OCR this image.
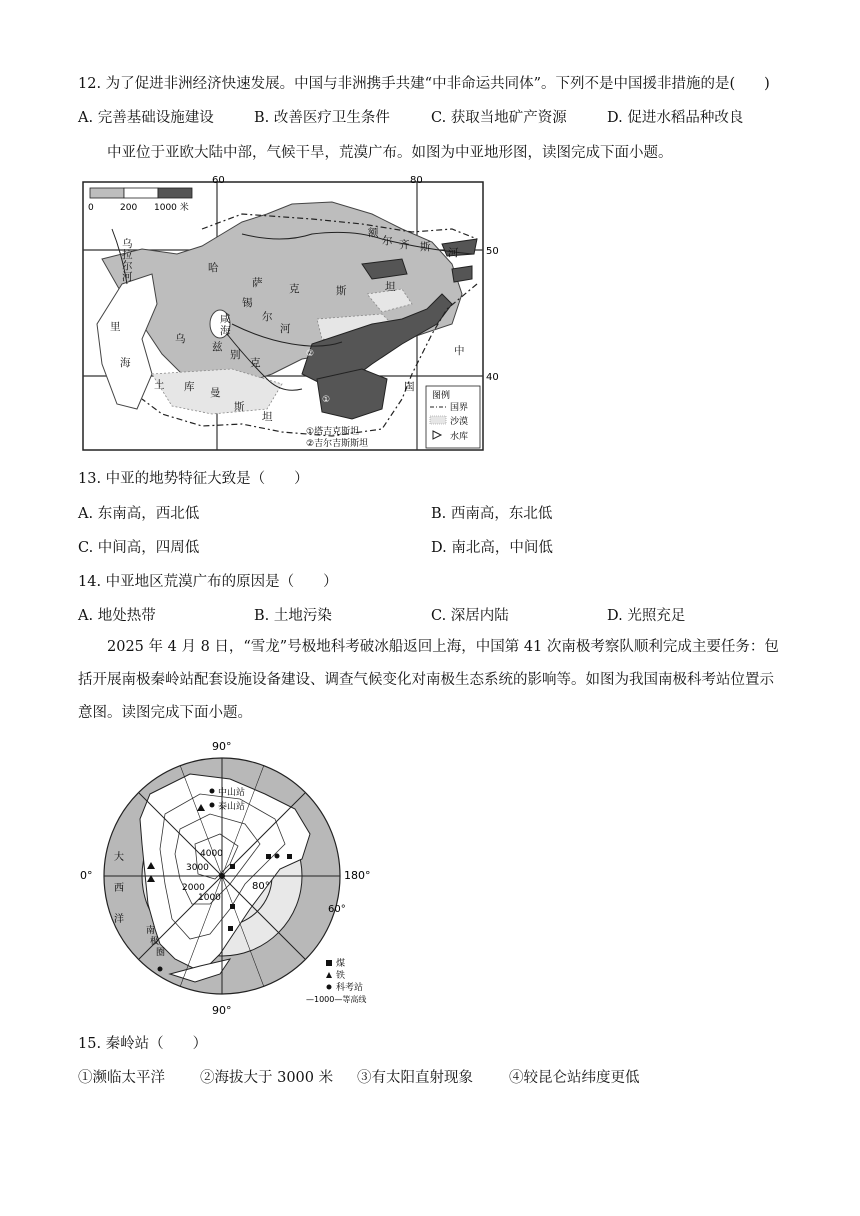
12. 为了促进非洲经济快速发展。中国与非洲携手共建“中非命运共同体”。下列不是中国援非措施的是(　　)
A. 完善基础设施建设	B. 改善医疗卫生条件	C. 获取当地矿产资源	D. 促进水稻品种改良
中亚位于亚欧大陆中部，气候干旱，荒漠广布。如图为中亚地形图，读图完成下面小题。
0	200 1000 米
60	80
50
40
哈
萨	克	斯	坦
额
尔 齐 斯 河
乌
拉
尔
河
里
海
乌
兹
别
克
锡
尔
河
咸
海
土 库 曼
斯
坦
中
国
②
①	图例
国界
沙漠
水库
①塔吉克斯坦
②吉尔吉斯斯坦
13. 中亚的地势特征大致是（　　）
A. 东南高，西北低	B. 西南高，东北低
C. 中间高，四周低	D. 南北高，中间低
14. 中亚地区荒漠广布的原因是（　　）
A. 地处热带	B. 土地污染	C. 深居内陆	D. 光照充足
2025 年 4 月 8 日，“雪龙”号极地科考破冰船返回上海，中国第 41 次南极考察队顺利完成主要任务：包括开展南极秦岭站配套设施设备建设、调查气候变化对南极生态系统的影响等。如图为我国南极科考站位置示意图。读图完成下面小题。
中山站
泰山站
4000
3000
2000
1000
大
西
洋
南
极
圈
90°
90°
0°	180°
80°
60°
煤
铁
科考站
—1000—等高线
15. 秦岭站（　　）
①濒临太平洋 ②海拔大于 3000 米 ③有太阳直射现象 ④较昆仑站纬度更低
